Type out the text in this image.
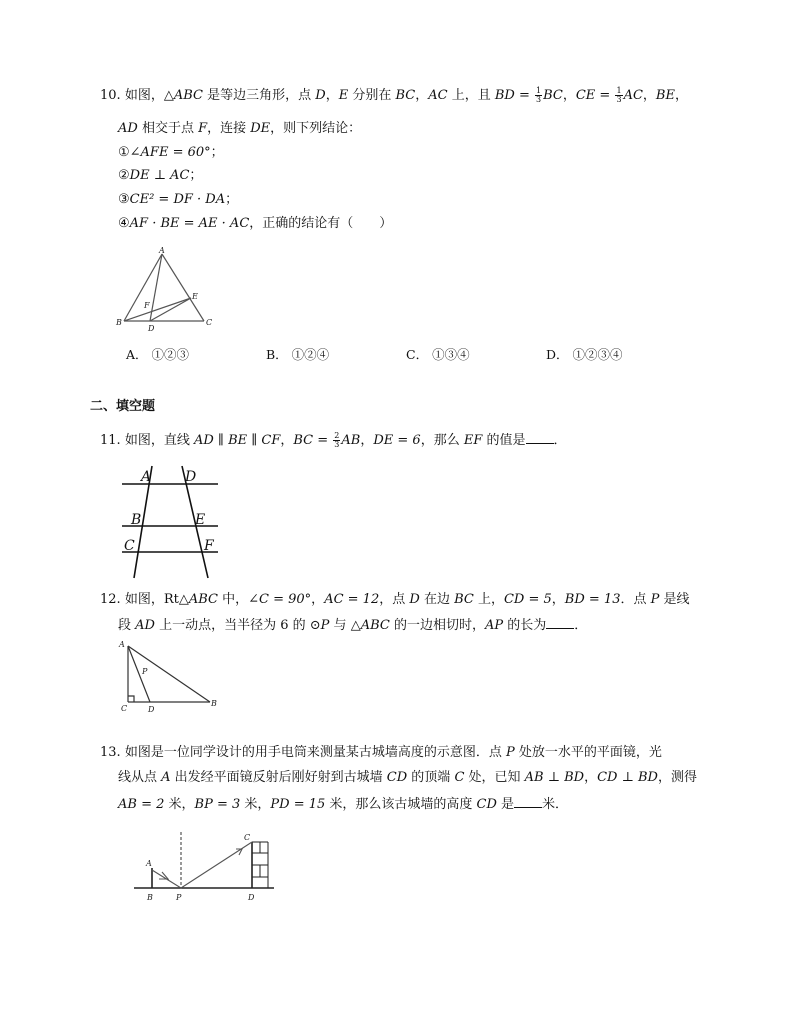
10. 如图，△ABC 是等边三角形，点 D，E 分别在 BC，AC 上，且 BD = $\frac{1}{3}$ BC，CE = $\frac{1}{3}$ AC，BE，
AD 相交于点 F，连接 DE，则下列结论：
①∠AFE = 60°；
②DE ⊥ AC；
③CE² = DF · DA；
④AF · BE = AE · AC，正确的结论有（　　）
A
B	C
D
E
F
A． ①②③	B． ①②④	C． ①③④	D． ①②③④
二、填空题
11. 如图，直线 AD ∥ BE ∥ CF，BC = $\frac{2}{3}$ AB，DE = 6，那么 EF 的值是 ．
A D
B	E
C	F
12. 如图，Rt△ABC 中，∠C = 90°，AC = 12，点 D 在边 BC 上，CD = 5，BD = 13．点 P 是线
段 AD 上一动点，当半径为 6 的 ⊙P 与 △ABC 的一边相切时，AP 的长为 ．
A
P
C	D
B
13. 如图是一位同学设计的用手电筒来测量某古城墙高度的示意图．点 P 处放一水平的平面镜，光
线从点 A 出发经平面镜反射后刚好射到古城墙 CD 的顶端 C 处，已知 AB ⊥ BD，CD ⊥ BD，测得
AB = 2 米，BP = 3 米，PD = 15 米，那么该古城墙的高度 CD 是 米．
A
B	P
C
D
